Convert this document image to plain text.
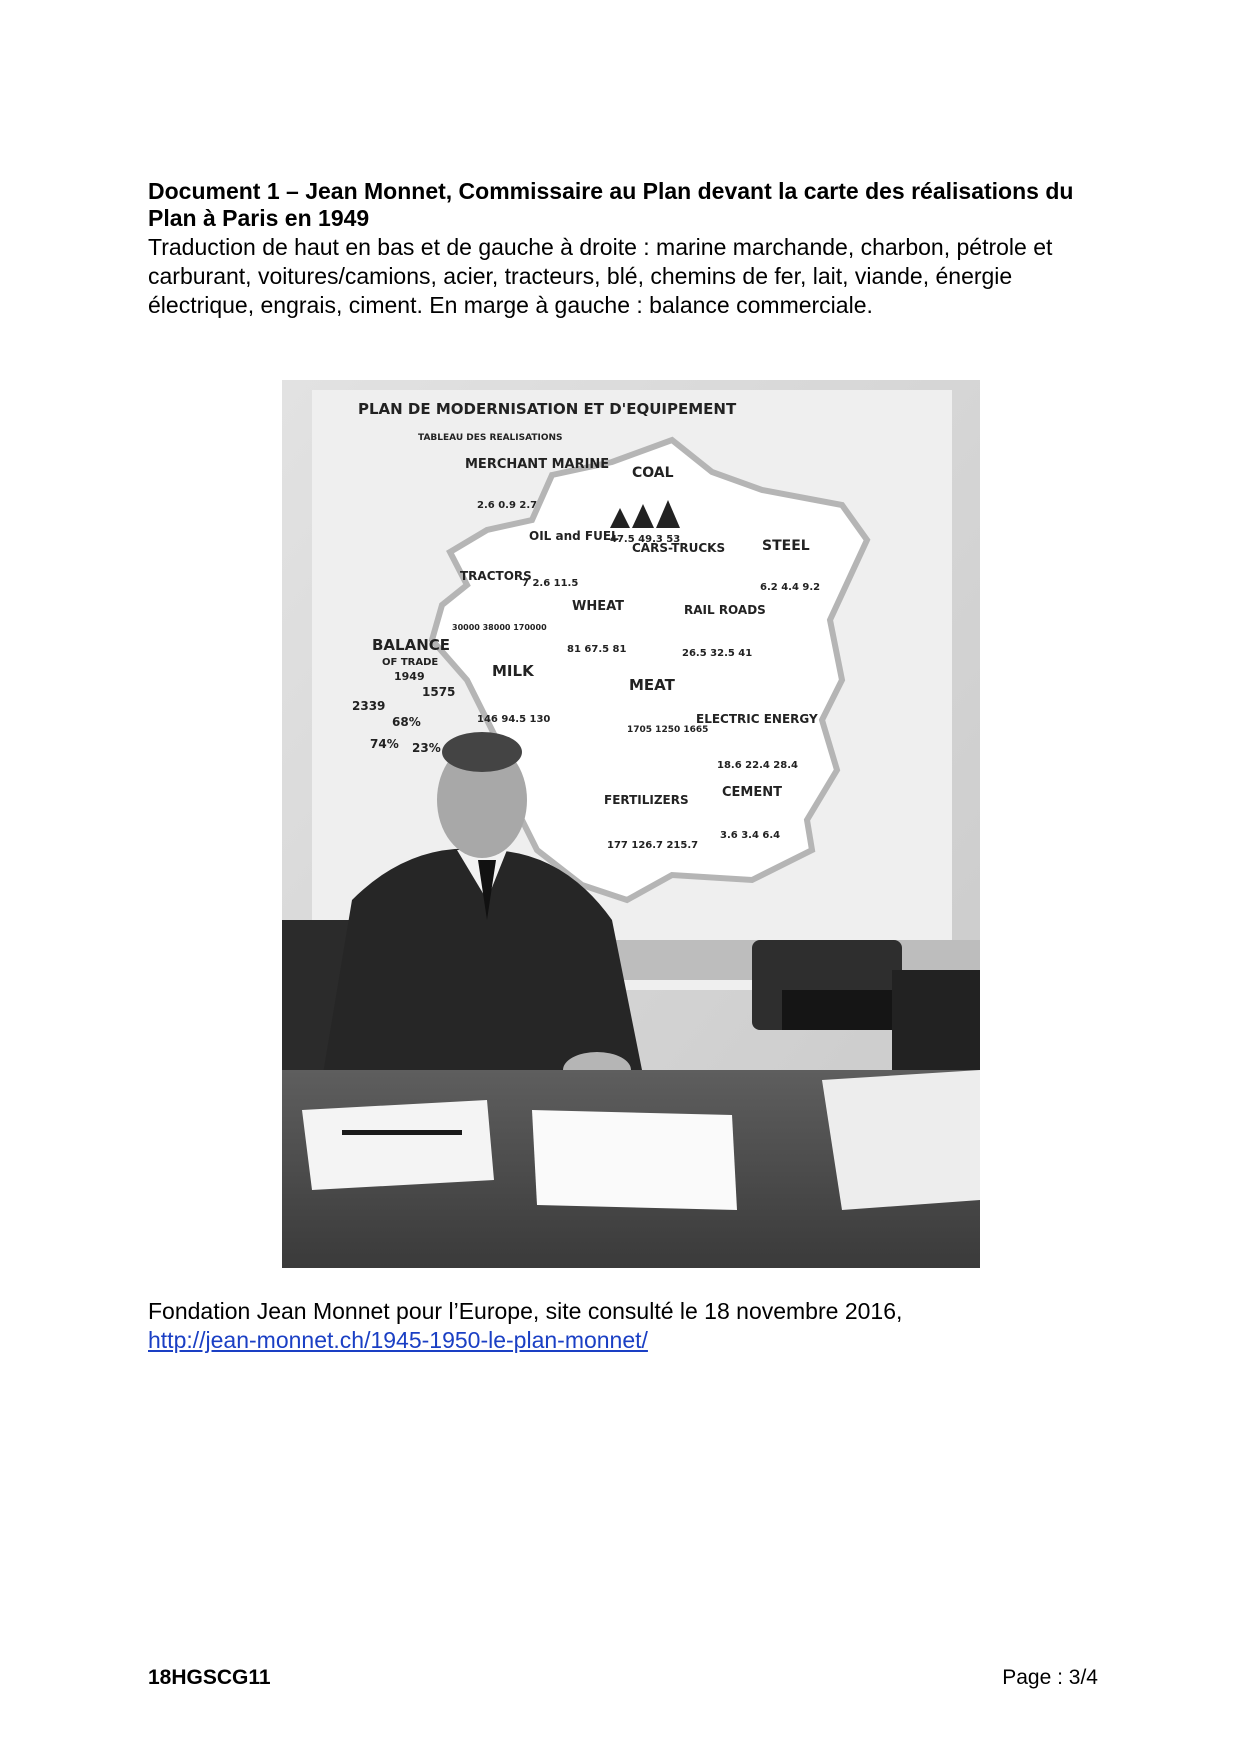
Document 1 – Jean Monnet, Commissaire au Plan devant la carte des réalisations du Plan à Paris en 1949
Traduction de haut en bas et de gauche à droite : marine marchande, charbon, pétrole et carburant, voitures/camions, acier, tracteurs, blé, chemins de fer, lait, viande, énergie électrique, engrais, ciment. En marge à gauche : balance commerciale.
PLAN DE MODERNISATION ET D'EQUIPEMENT
TABLEAU DES REALISATIONS
MERCHANT MARINE
2.6 0.9 2.7
COAL
47.5 49.3 53
OIL and FUEL
7 2.6 11.5
CARS-TRUCKS	STEEL
6.2 4.4 9.2
TRACTORS
30000 38000 170000
WHEAT
81 67.5 81
RAIL ROADS
26.5 32.5 41
BALANCE
OF TRADE
1949
1575
2339
68%
74% 23%
MILK
146 94.5 130
MEAT
1705 1250 1665
ELECTRIC ENERGY
18.6 22.4 28.4
FERTILIZERS
177 126.7 215.7
CEMENT
3.6 3.4 6.4
Fondation Jean Monnet pour l’Europe, site consulté le 18 novembre 2016,
http://jean-monnet.ch/1945-1950-le-plan-monnet/
18HGSCG11	Page : 3/4
